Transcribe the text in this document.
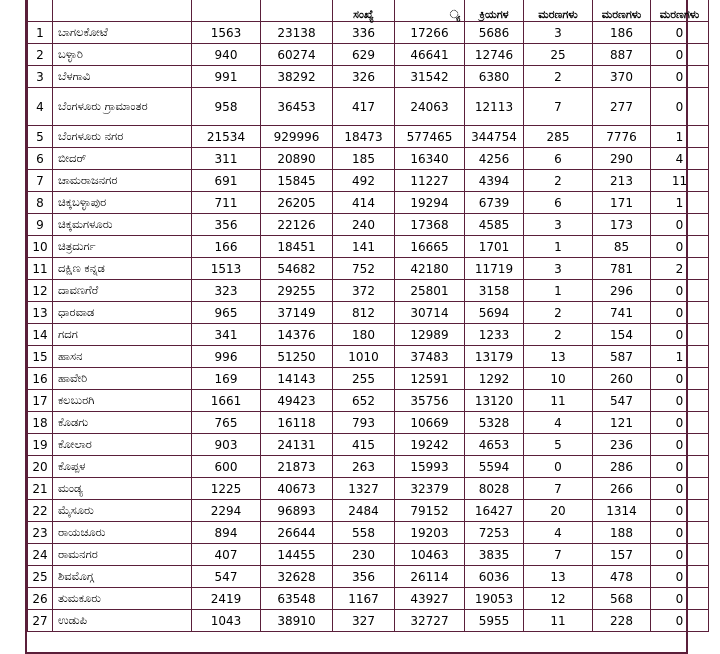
				ಸಂಖ್ಯೆ	್ಯ	ಕ್ರಿಯಗಳ	ಮರಣಗಳು	ಮರಣಗಳು	ಮರಣಗಳು
1	ಬಾಗಲಕೋಟೆ	1563	23138	336	17266	5686	3	186	0
2	ಬಳ್ಳಾರಿ	940	60274	629	46641	12746	25	887	0
3	ಬೆಳಗಾವಿ	991	38292	326	31542	6380	2	370	0
4	ಬೆಂಗಳೂರು ಗ್ರಾಮಾಂತರ	958	36453	417	24063	12113	7	277	0
5	ಬೆಂಗಳೂರು ನಗರ	21534	929996	18473	577465	344754	285	7776	1
6	ಬೀದರ್	311	20890	185	16340	4256	6	290	4
7	ಚಾಮರಾಜನಗರ	691	15845	492	11227	4394	2	213	11
8	ಚಿಕ್ಕಬಳ್ಳಾಪುರ	711	26205	414	19294	6739	6	171	1
9	ಚಿಕ್ಕಮಗಳೂರು	356	22126	240	17368	4585	3	173	0
10	ಚಿತ್ರದುರ್ಗ	166	18451	141	16665	1701	1	85	0
11	ದಕ್ಷಿಣ ಕನ್ನಡ	1513	54682	752	42180	11719	3	781	2
12	ದಾವಣಗೆರೆ	323	29255	372	25801	3158	1	296	0
13	ಧಾರವಾಡ	965	37149	812	30714	5694	2	741	0
14	ಗದಗ	341	14376	180	12989	1233	2	154	0
15	ಹಾಸನ	996	51250	1010	37483	13179	13	587	1
16	ಹಾವೇರಿ	169	14143	255	12591	1292	10	260	0
17	ಕಲಬುರಗಿ	1661	49423	652	35756	13120	11	547	0
18	ಕೊಡಗು	765	16118	793	10669	5328	4	121	0
19	ಕೋಲಾರ	903	24131	415	19242	4653	5	236	0
20	ಕೊಪ್ಪಳ	600	21873	263	15993	5594	0	286	0
21	ಮಂಡ್ಯ	1225	40673	1327	32379	8028	7	266	0
22	ಮೈಸೂರು	2294	96893	2484	79152	16427	20	1314	0
23	ರಾಯಚೂರು	894	26644	558	19203	7253	4	188	0
24	ರಾಮನಗರ	407	14455	230	10463	3835	7	157	0
25	ಶಿವಮೊಗ್ಗ	547	32628	356	26114	6036	13	478	0
26	ತುಮಕೂರು	2419	63548	1167	43927	19053	12	568	0
27	ಉಡುಪಿ	1043	38910	327	32727	5955	11	228	0
